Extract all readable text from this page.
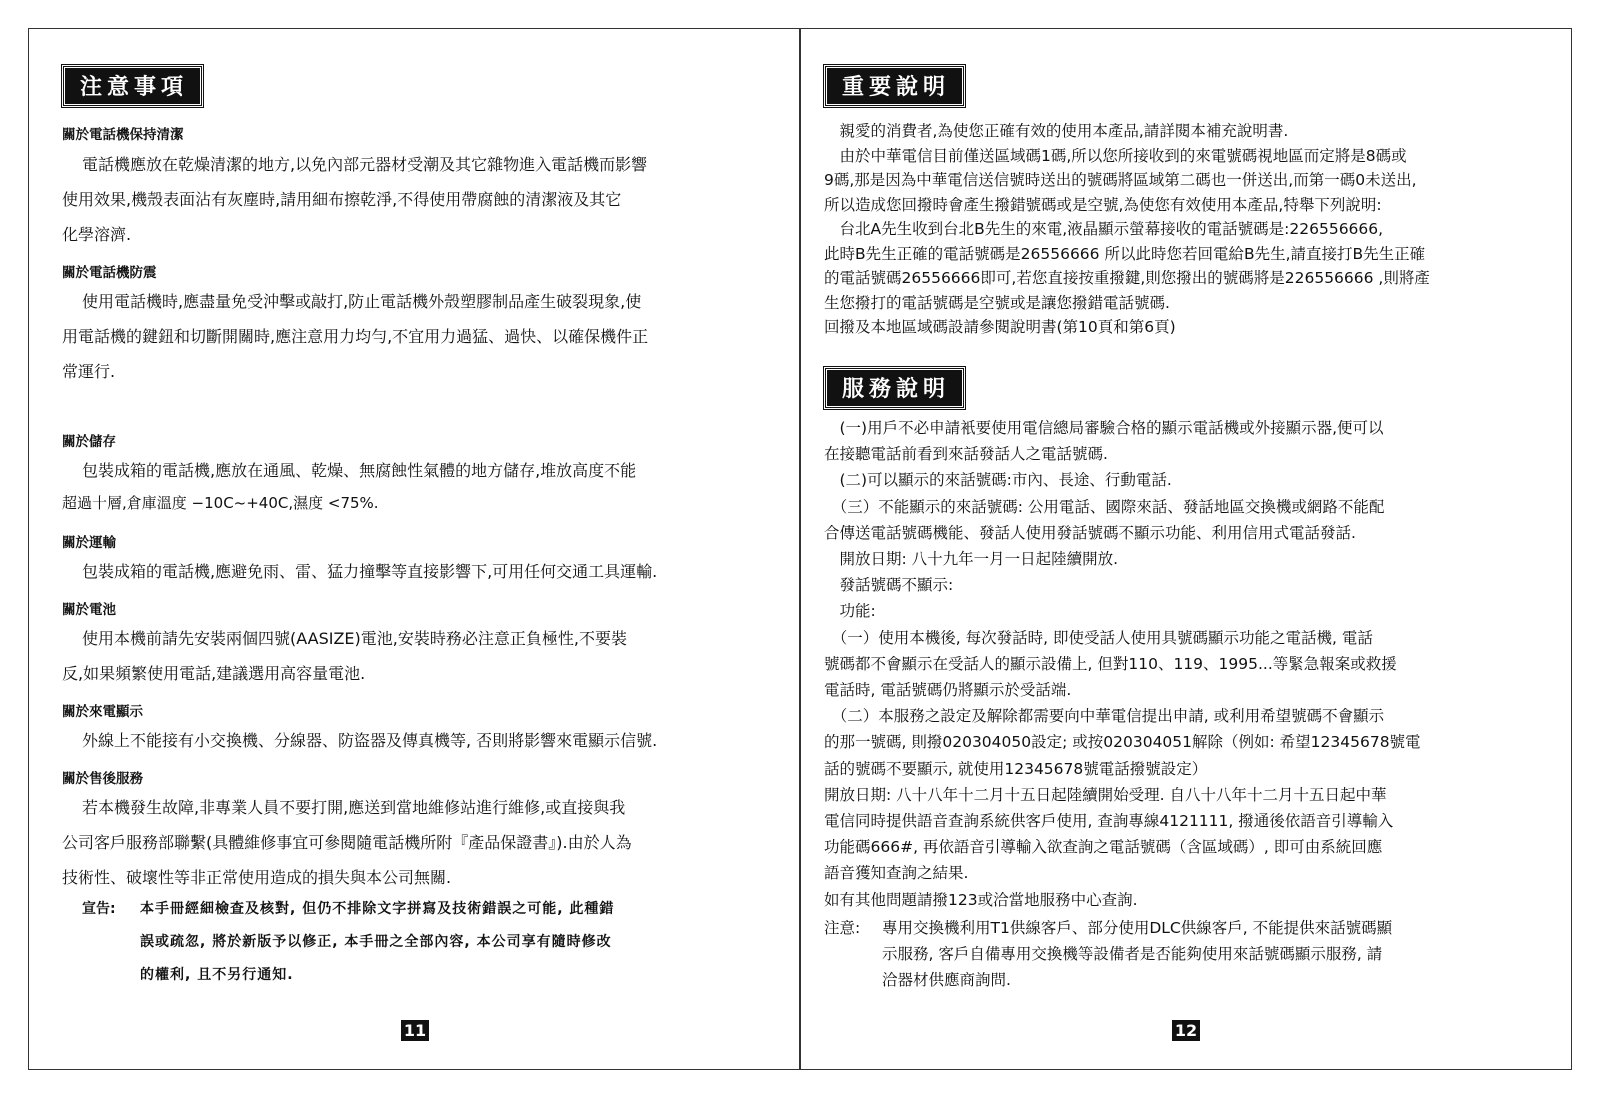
注意事項

關於電話機保持清潔

電話機應放在乾燥清潔的地方,以免內部元器材受潮及其它雜物進入電話機而影響

使用效果,機殼表面沾有灰塵時,請用細布擦乾淨,不得使用帶腐蝕的清潔液及其它

化學溶濟.

關於電話機防震

使用電話機時,應盡量免受沖擊或敲打,防止電話機外殼塑膠制品產生破裂現象,使

用電話機的鍵鈕和切斷開關時,應注意用力均勻,不宜用力過猛、過快、以確保機件正

常運行.

關於儲存

包裝成箱的電話機,應放在通風、乾燥、無腐蝕性氣體的地方儲存,堆放高度不能

超過十層,倉庫溫度 −10C~+40C,濕度 <75%.

關於運輸

包裝成箱的電話機,應避免雨、雷、猛力撞擊等直接影響下,可用任何交通工具運輸.

關於電池

使用本機前請先安裝兩個四號(AASIZE)電池,安裝時務必注意正負極性,不要裝

反,如果頻繁使用電話,建議選用高容量電池.

關於來電顯示

外線上不能接有小交換機、分線器、防盜器及傳真機等, 否則將影響來電顯示信號.

關於售後服務

若本機發生故障,非專業人員不要打開,應送到當地維修站進行維修,或直接與我

公司客戶服務部聯繫(具體維修事宜可參閱隨電話機所附『產品保證書』).由於人為

技術性、破壞性等非正常使用造成的損失與本公司無關.

宣告: 本手冊經細檢查及核對, 但仍不排除文字拼寫及技術錯誤之可能, 此種錯

誤或疏忽, 將於新版予以修正, 本手冊之全部內容, 本公司享有隨時修改

的權利, 且不另行通知.

11
重要說明

　親愛的消費者,為使您正確有效的使用本產品,請詳閱本補充說明書.

　由於中華電信目前僅送區域碼1碼,所以您所接收到的來電號碼視地區而定將是8碼或

9碼,那是因為中華電信送信號時送出的號碼將區域第二碼也一併送出,而第一碼0未送出,

所以造成您回撥時會產生撥錯號碼或是空號,為使您有效使用本產品,特舉下列說明:

　台北A先生收到台北B先生的來電,液晶顯示螢幕接收的電話號碼是:226556666,

此時B先生正確的電話號碼是26556666 所以此時您若回電給B先生,請直接打B先生正確

的電話號碼26556666即可,若您直接按重撥鍵,則您撥出的號碼將是226556666 ,則將產

生您撥打的電話號碼是空號或是讓您撥錯電話號碼.

回撥及本地區域碼設請參閱說明書(第10頁和第6頁)

服務說明

　(一)用戶不必申請衹要使用電信總局審驗合格的顯示電話機或外接顯示器,便可以

在接聽電話前看到來話發話人之電話號碼.

　(二)可以顯示的來話號碼:市內、長途、行動電話.

　（三）不能顯示的來話號碼: 公用電話、國際來話、發話地區交換機或網路不能配

合傳送電話號碼機能、發話人使用發話號碼不顯示功能、利用信用式電話發話.

　開放日期: 八十九年一月一日起陸續開放.

　發話號碼不顯示:

　功能:

　（一）使用本機後, 每次發話時, 即使受話人使用具號碼顯示功能之電話機, 電話

號碼都不會顯示在受話人的顯示設備上, 但對110、119、1995...等緊急報案或救援

電話時, 電話號碼仍將顯示於受話端.

　（二）本服務之設定及解除都需要向中華電信提出申請, 或利用希望號碼不會顯示

的那一號碼, 則撥020304050設定; 或按020304051解除（例如: 希望12345678號電

話的號碼不要顯示, 就使用12345678號電話撥號設定）

開放日期: 八十八年十二月十五日起陸續開始受理. 自八十八年十二月十五日起中華

電信同時提供語音查詢系統供客戶使用, 查詢專線4121111, 撥通後依語音引導輸入

功能碼666#, 再依語音引導輸入欲查詢之電話號碼（含區域碼）, 即可由系統回應

語音獲知查詢之結果.

如有其他問題請撥123或洽當地服務中心查詢.

注意: 專用交換機利用T1供線客戶、部分使用DLC供線客戶, 不能提供來話號碼顯

示服務, 客戶自備專用交換機等設備者是否能夠使用來話號碼顯示服務, 請

洽器材供應商詢問.

12
